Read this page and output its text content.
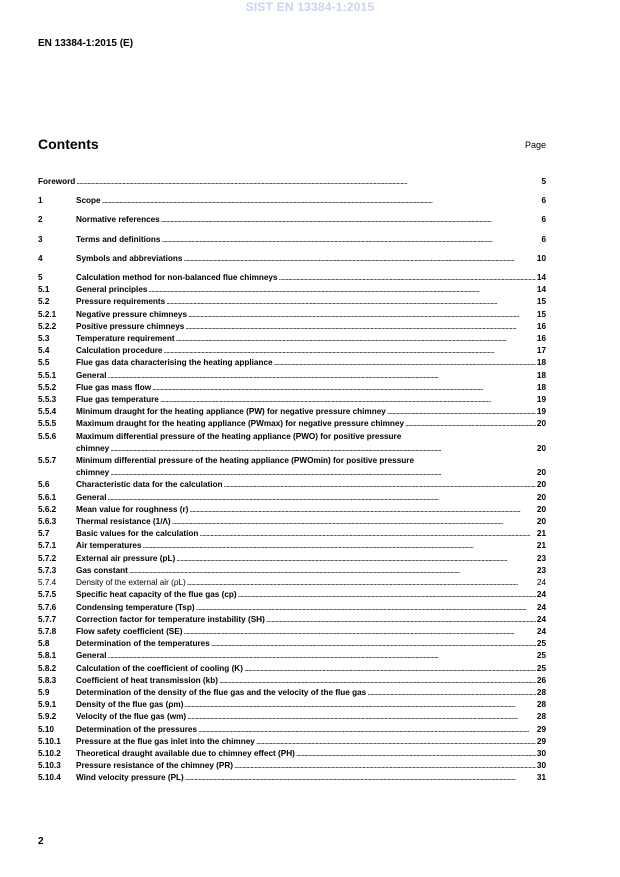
SIST EN 13384-1:2015
EN 13384-1:2015 (E)
Contents	Page
Foreword . . .	5
1	Scope . . .	6
2	Normative references . . .	6
3	Terms and definitions . . .	6
4	Symbols and abbreviations . . .	10
5	Calculation method for non-balanced flue chimneys . . .	14
5.1	General principles . . .	14
5.2	Pressure requirements . . .	15
5.2.1	Negative pressure chimneys . . .	15
5.2.2	Positive pressure chimneys . . .	16
5.3	Temperature requirement . . .	16
5.4	Calculation procedure . . .	17
5.5	Flue gas data characterising the heating appliance . . .	18
5.5.1	General . . .	18
5.5.2	Flue gas mass flow . . .	18
5.5.3	Flue gas temperature . . .	19
5.5.4	Minimum draught for the heating appliance (PW) for negative pressure chimney . . .	19
5.5.5	Maximum draught for the heating appliance (PWmax) for negative pressure chimney . . .	20
5.5.6	Maximum differential pressure of the heating appliance (PWO) for positive pressure
chimney . . .	20
5.5.7	Minimum differential pressure of the heating appliance (PWOmin) for positive pressure
chimney . . .	20
5.6	Characteristic data for the calculation . . .	20
5.6.1	General . . .	20
5.6.2	Mean value for roughness (r) . . .	20
5.6.3	Thermal resistance (1/Λ) . . .	20
5.7	Basic values for the calculation . . .	21
5.7.1	Air temperatures . . .	21
5.7.2	External air pressure (pL) . . .	23
5.7.3	Gas constant . . .	23
5.7.4	Density of the external air (ρL) . . .	24
5.7.5	Specific heat capacity of the flue gas (cp) . . .	24
5.7.6	Condensing temperature (Tsp) . . .	24
5.7.7	Correction factor for temperature instability (SH) . . .	24
5.7.8	Flow safety coefficient (SE) . . .	24
5.8	Determination of the temperatures . . .	25
5.8.1	General . . .	25
5.8.2	Calculation of the coefficient of cooling (K) . . .	25
5.8.3	Coefficient of heat transmission (kb) . . .	26
5.9	Determination of the density of the flue gas and the velocity of the flue gas . . .	28
5.9.1	Density of the flue gas (ρm) . . .	28
5.9.2	Velocity of the flue gas (wm) . . .	28
5.10	Determination of the pressures . . .	29
5.10.1	Pressure at the flue gas inlet into the chimney . . .	29
5.10.2	Theoretical draught available due to chimney effect (PH) . . .	30
5.10.3	Pressure resistance of the chimney (PR) . . .	30
5.10.4	Wind velocity pressure (PL) . . .	31
2
